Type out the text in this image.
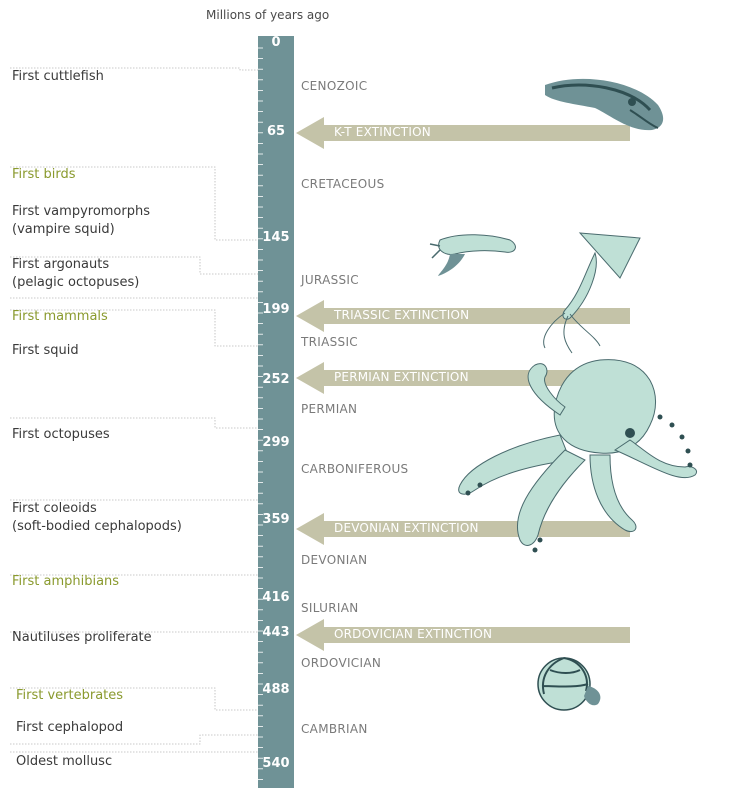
Millions of years ago
0
65
145
199
252
299
359
416
443
488
540
CENOZOIC
CRETACEOUS
JURASSIC
TRIASSIC
PERMIAN
CARBONIFEROUS
DEVONIAN
SILURIAN
ORDOVICIAN
CAMBRIAN
K-T EXTINCTION
TRIASSIC EXTINCTION
PERMIAN EXTINCTION
DEVONIAN EXTINCTION
ORDOVICIAN EXTINCTION
First cuttlefish
First birds
First vampyromorphs
(vampire squid)
First argonauts
(pelagic octopuses)
First mammals
First squid
First octopuses
First coleoids
(soft-bodied cephalopods)
First amphibians
Nautiluses proliferate
First vertebrates
First cephalopod
Oldest mollusc
